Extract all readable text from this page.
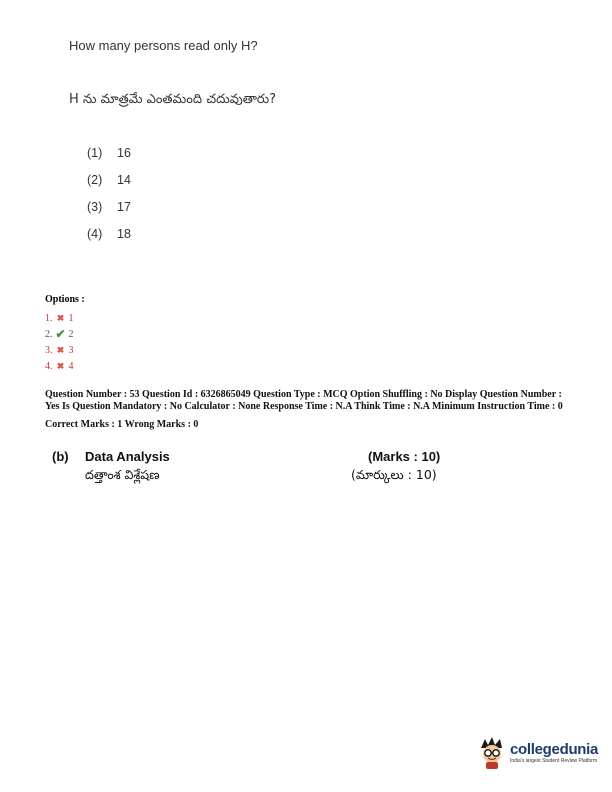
How many persons read only H?
H ను మాత్రమే ఎంతమంది చదువుతారు?
(1)	16
(2)	14
(3)	17
(4)	18
Options :
1. ✖ 1
2. ✔ 2
3. ✖ 3
4. ✖ 4
Question Number : 53 Question Id : 6326865049 Question Type : MCQ Option Shuffling : No Display Question Number : Yes Is Question Mandatory : No Calculator : None Response Time : N.A Think Time : N.A Minimum Instruction Time : 0
Correct Marks : 1 Wrong Marks : 0
(b)	Data Analysis	(Marks : 10)
దత్తాంశ విశ్లేషణ	(మార్కులు : 10)
collegedunia
India's largest Student Review Platform
